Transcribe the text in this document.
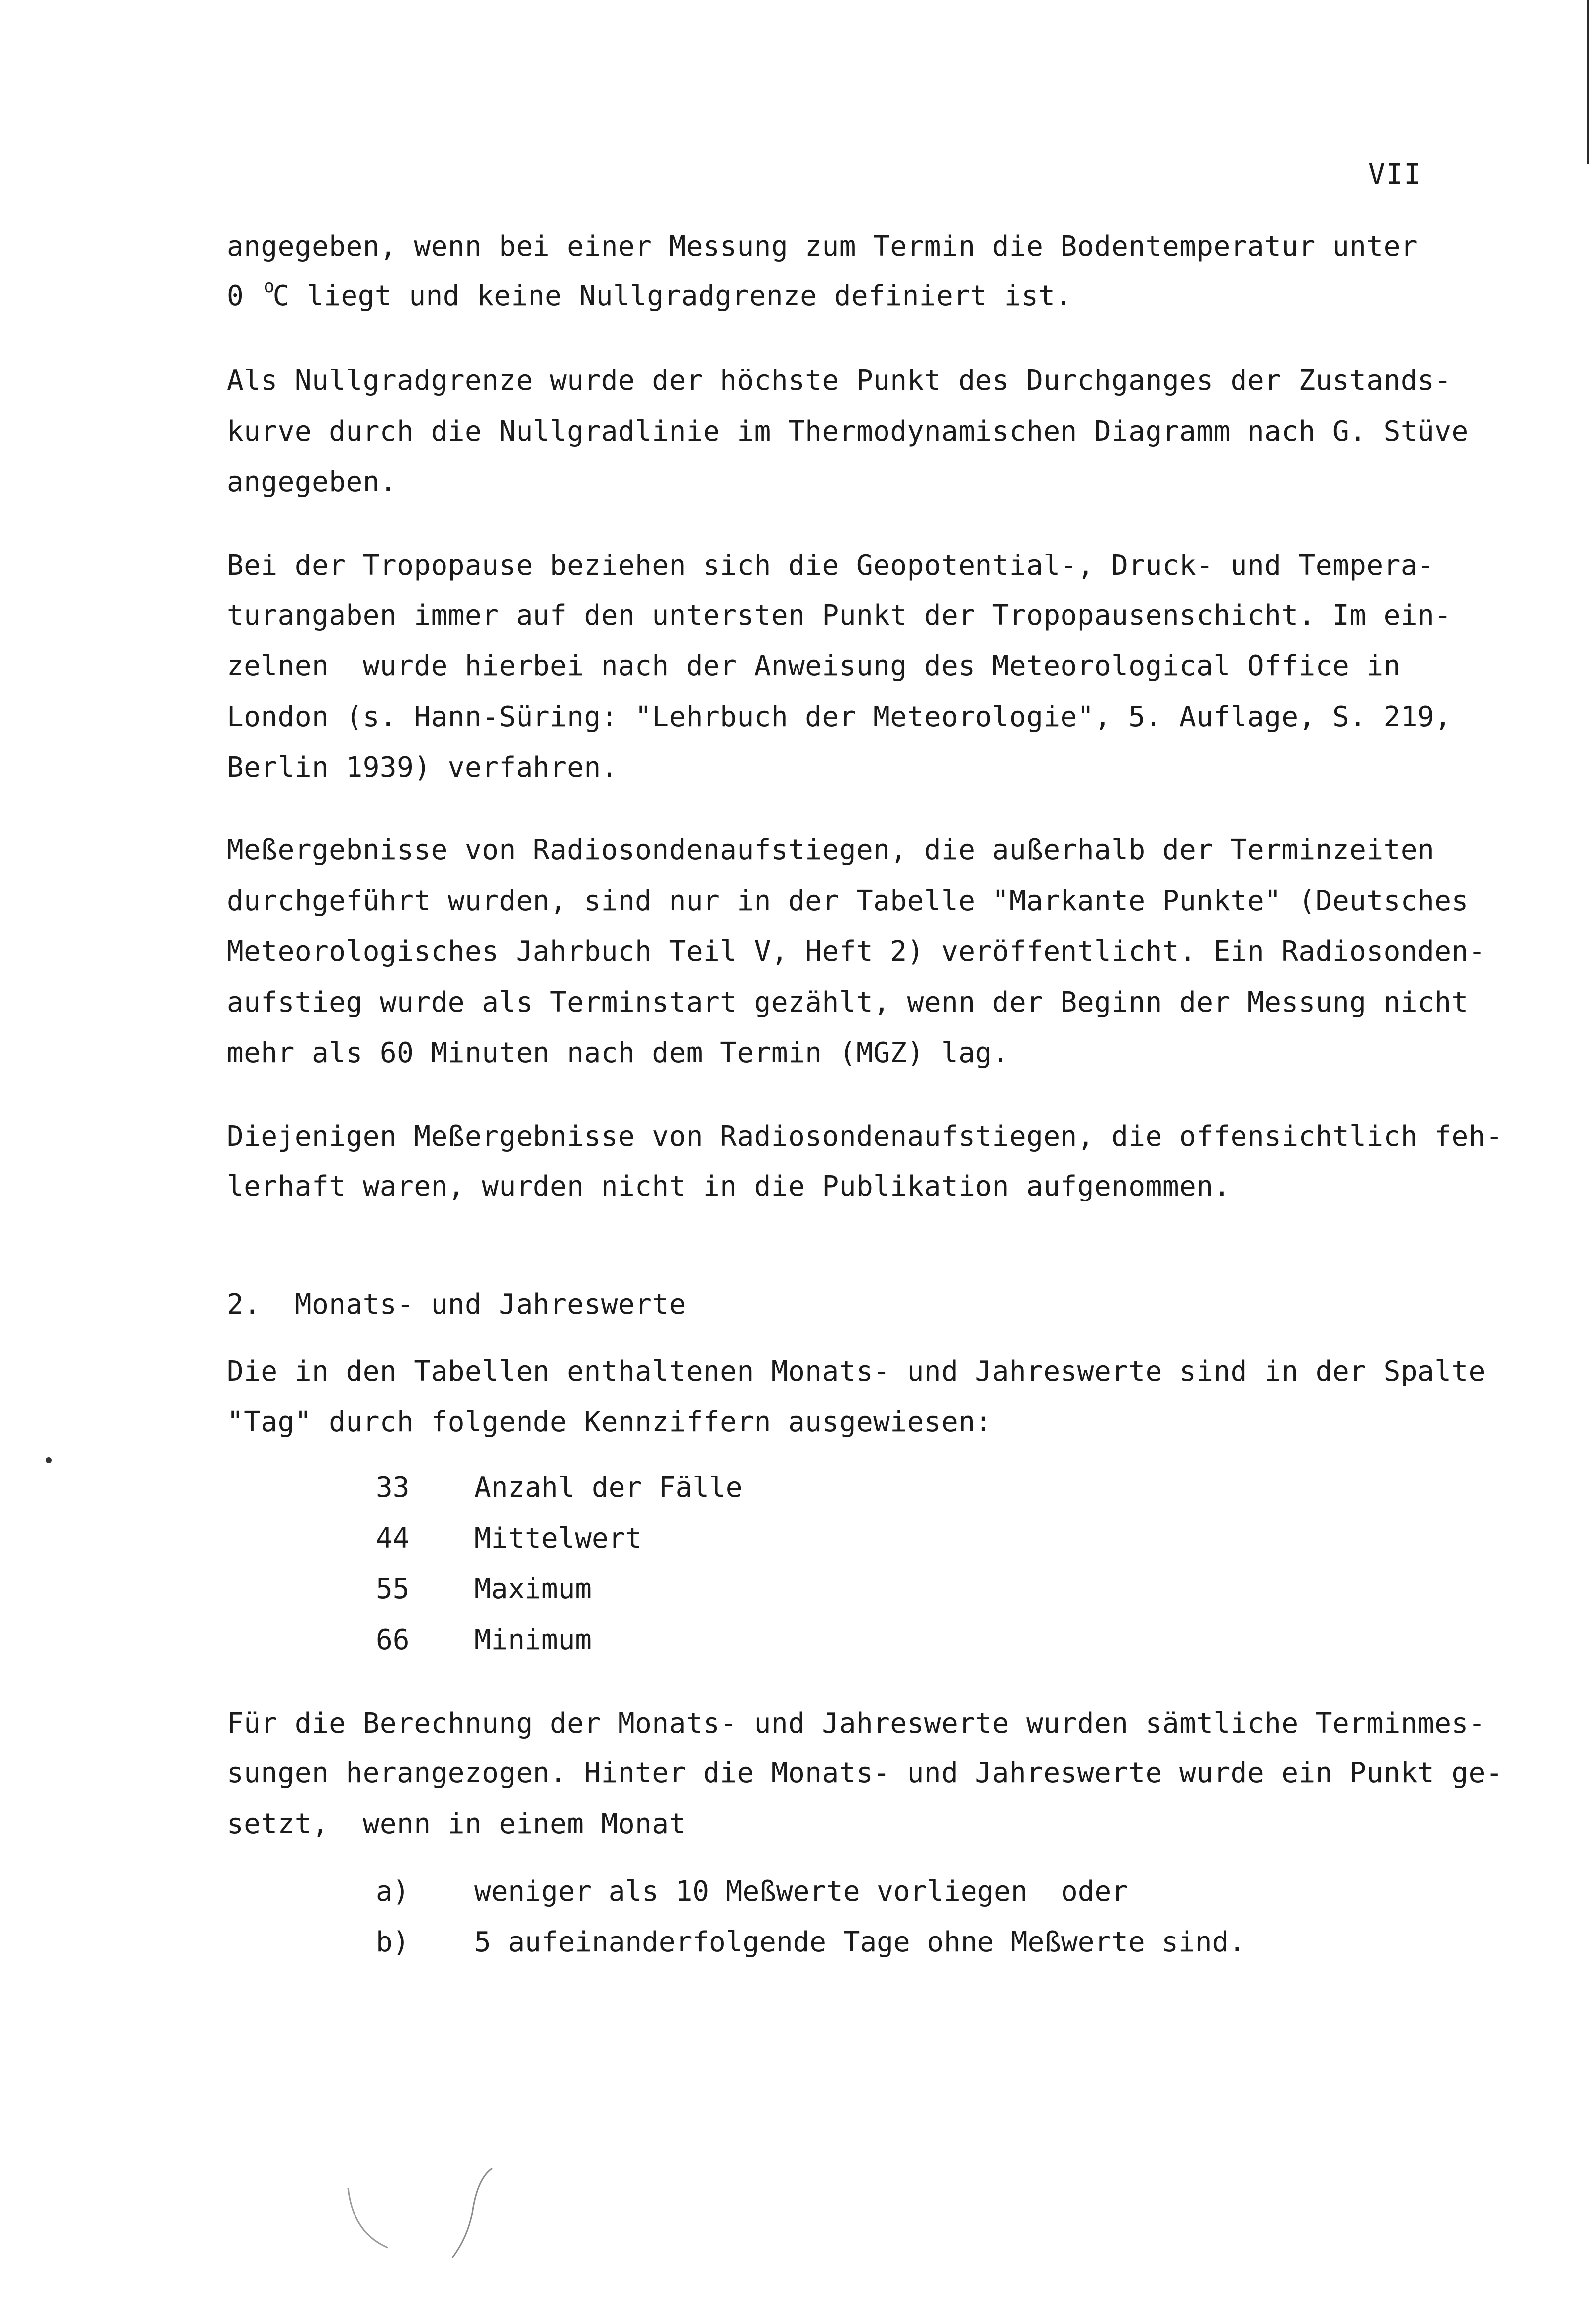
VII
angegeben, wenn bei einer Messung zum Termin die Bodentemperatur unter
0 $^o$C liegt und keine Nullgradgrenze definiert ist.
Als Nullgradgrenze wurde der höchste Punkt des Durchganges der Zustands-
kurve durch die Nullgradlinie im Thermodynamischen Diagramm nach G. Stüve
angegeben.
Bei der Tropopause beziehen sich die Geopotential-, Druck- und Tempera-
turangaben immer auf den untersten Punkt der Tropopausenschicht. Im ein-
zelnen  wurde hierbei nach der Anweisung des Meteorological Office in
London (s. Hann-Süring: "Lehrbuch der Meteorologie", 5. Auflage, S. 219,
Berlin 1939) verfahren.
Meßergebnisse von Radiosondenaufstiegen, die außerhalb der Terminzeiten
durchgeführt wurden, sind nur in der Tabelle "Markante Punkte" (Deutsches
Meteorologisches Jahrbuch Teil V, Heft 2) veröffentlicht. Ein Radiosonden-
aufstieg wurde als Terminstart gezählt, wenn der Beginn der Messung nicht
mehr als 60 Minuten nach dem Termin (MGZ) lag.
Diejenigen Meßergebnisse von Radiosondenaufstiegen, die offensichtlich feh-
lerhaft waren, wurden nicht in die Publikation aufgenommen.
2.  Monats- und Jahreswerte
Die in den Tabellen enthaltenen Monats- und Jahreswerte sind in der Spalte
"Tag" durch folgende Kennziffern ausgewiesen:
33 Anzahl der Fälle
44 Mittelwert
55 Maximum
66 Minimum
Für die Berechnung der Monats- und Jahreswerte wurden sämtliche Terminmes-
sungen herangezogen. Hinter die Monats- und Jahreswerte wurde ein Punkt ge-
setzt,  wenn in einem Monat
a) weniger als 10 Meßwerte vorliegen  oder
b) 5 aufeinanderfolgende Tage ohne Meßwerte sind.
